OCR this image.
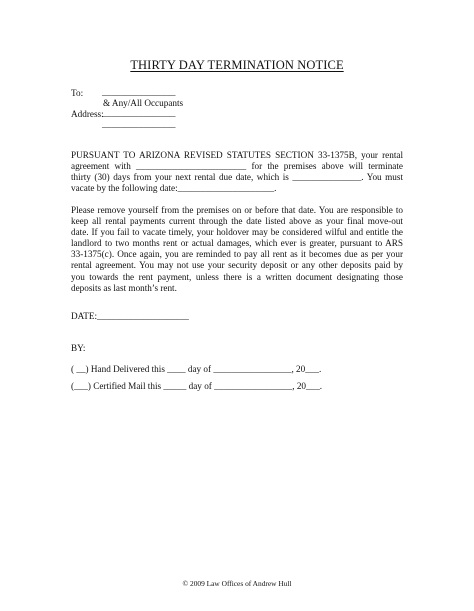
THIRTY DAY TERMINATION NOTICE
To: ________________
& Any/All Occupants
Address:
________________
________________
PURSUANT TO ARIZONA REVISED STATUTES SECTION 33-1375B, your rental
agreement with ________________________ for the premises above will terminate
thirty (30) days from your next rental due date, which is _______________. You must
vacate by the following date:_____________________.
Please remove yourself from the premises on or before that date. You are responsible to
keep all rental payments current through the date listed above as your final move-out
date. If you fail to vacate timely, your holdover may be considered wilful and entitle the
landlord to two months rent or actual damages, which ever is greater, pursuant to ARS
33-1375(c). Once again, you are reminded to pay all rent as it becomes due as per your
rental agreement. You may not use your security deposit or any other deposits paid by
you towards the rent payment, unless there is a written document designating those
deposits as last month’s rent.
DATE:____________________
BY:
( __) Hand Delivered this ____ day of _________________, 20___.
(___) Certified Mail this _____ day of _________________, 20___.
© 2009 Law Offices of Andrew Hull
